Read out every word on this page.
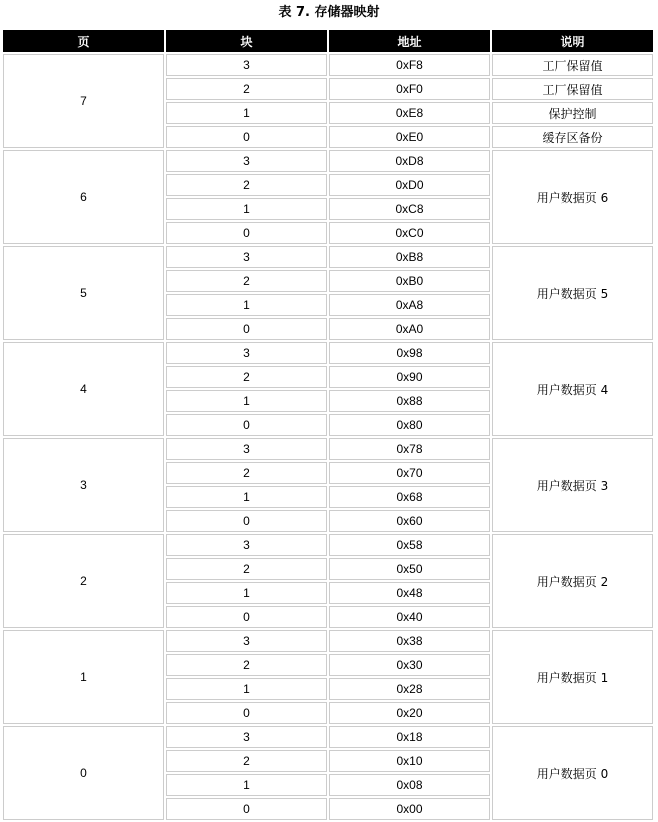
表 7. 存储器映射
页	块	地址	说明
7	3	0xF8	工厂保留值
	2	0xF0	工厂保留值
	1	0xE8	保护控制
	0	0xE0	缓存区备份
6	3	0xD8	用户数据页 6
	2	0xD0	
	1	0xC8	
	0	0xC0	
5	3	0xB8	用户数据页 5
	2	0xB0	
	1	0xA8	
	0	0xA0	
4	3	0x98	用户数据页 4
	2	0x90	
	1	0x88	
	0	0x80	
3	3	0x78	用户数据页 3
	2	0x70	
	1	0x68	
	0	0x60	
2	3	0x58	用户数据页 2
	2	0x50	
	1	0x48	
	0	0x40	
1	3	0x38	用户数据页 1
	2	0x30	
	1	0x28	
	0	0x20	
0	3	0x18	用户数据页 0
	2	0x10	
	1	0x08	
	0	0x00	
